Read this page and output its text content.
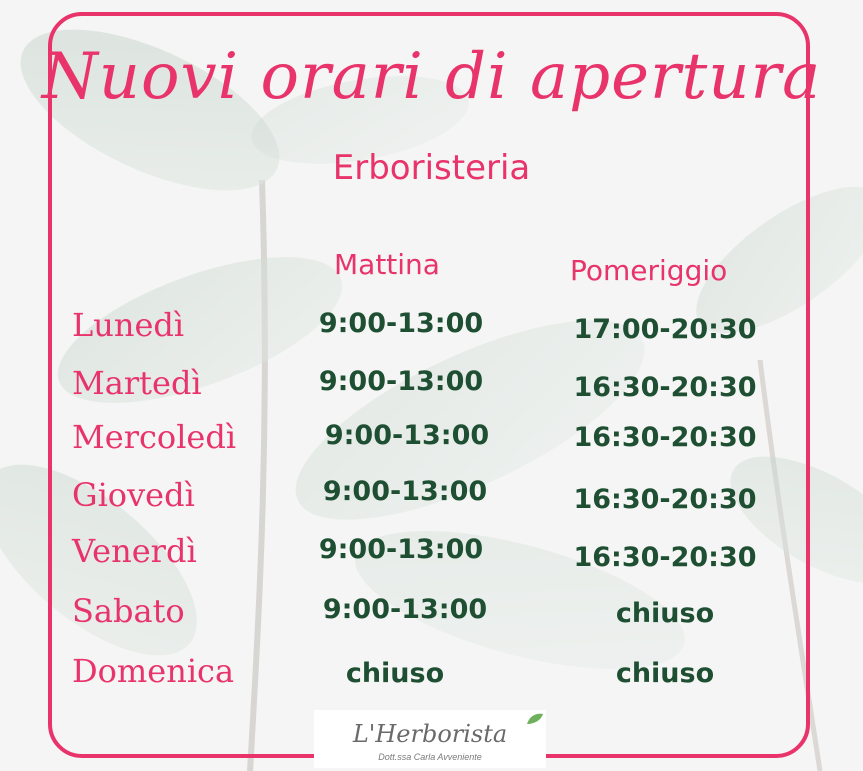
Nuovi orari di apertura
Erboristeria
Mattina	Pomeriggio
Lunedì	9:00-13:00	17:00-20:30
Martedì	9:00-13:00	16:30-20:30
Mercoledì	9:00-13:00	16:30-20:30
Giovedì	9:00-13:00	16:30-20:30
Venerdì	9:00-13:00	16:30-20:30
Sabato	9:00-13:00	chiuso
Domenica	chiuso	chiuso
L'Herborista
Dott.ssa Carla Avveniente
